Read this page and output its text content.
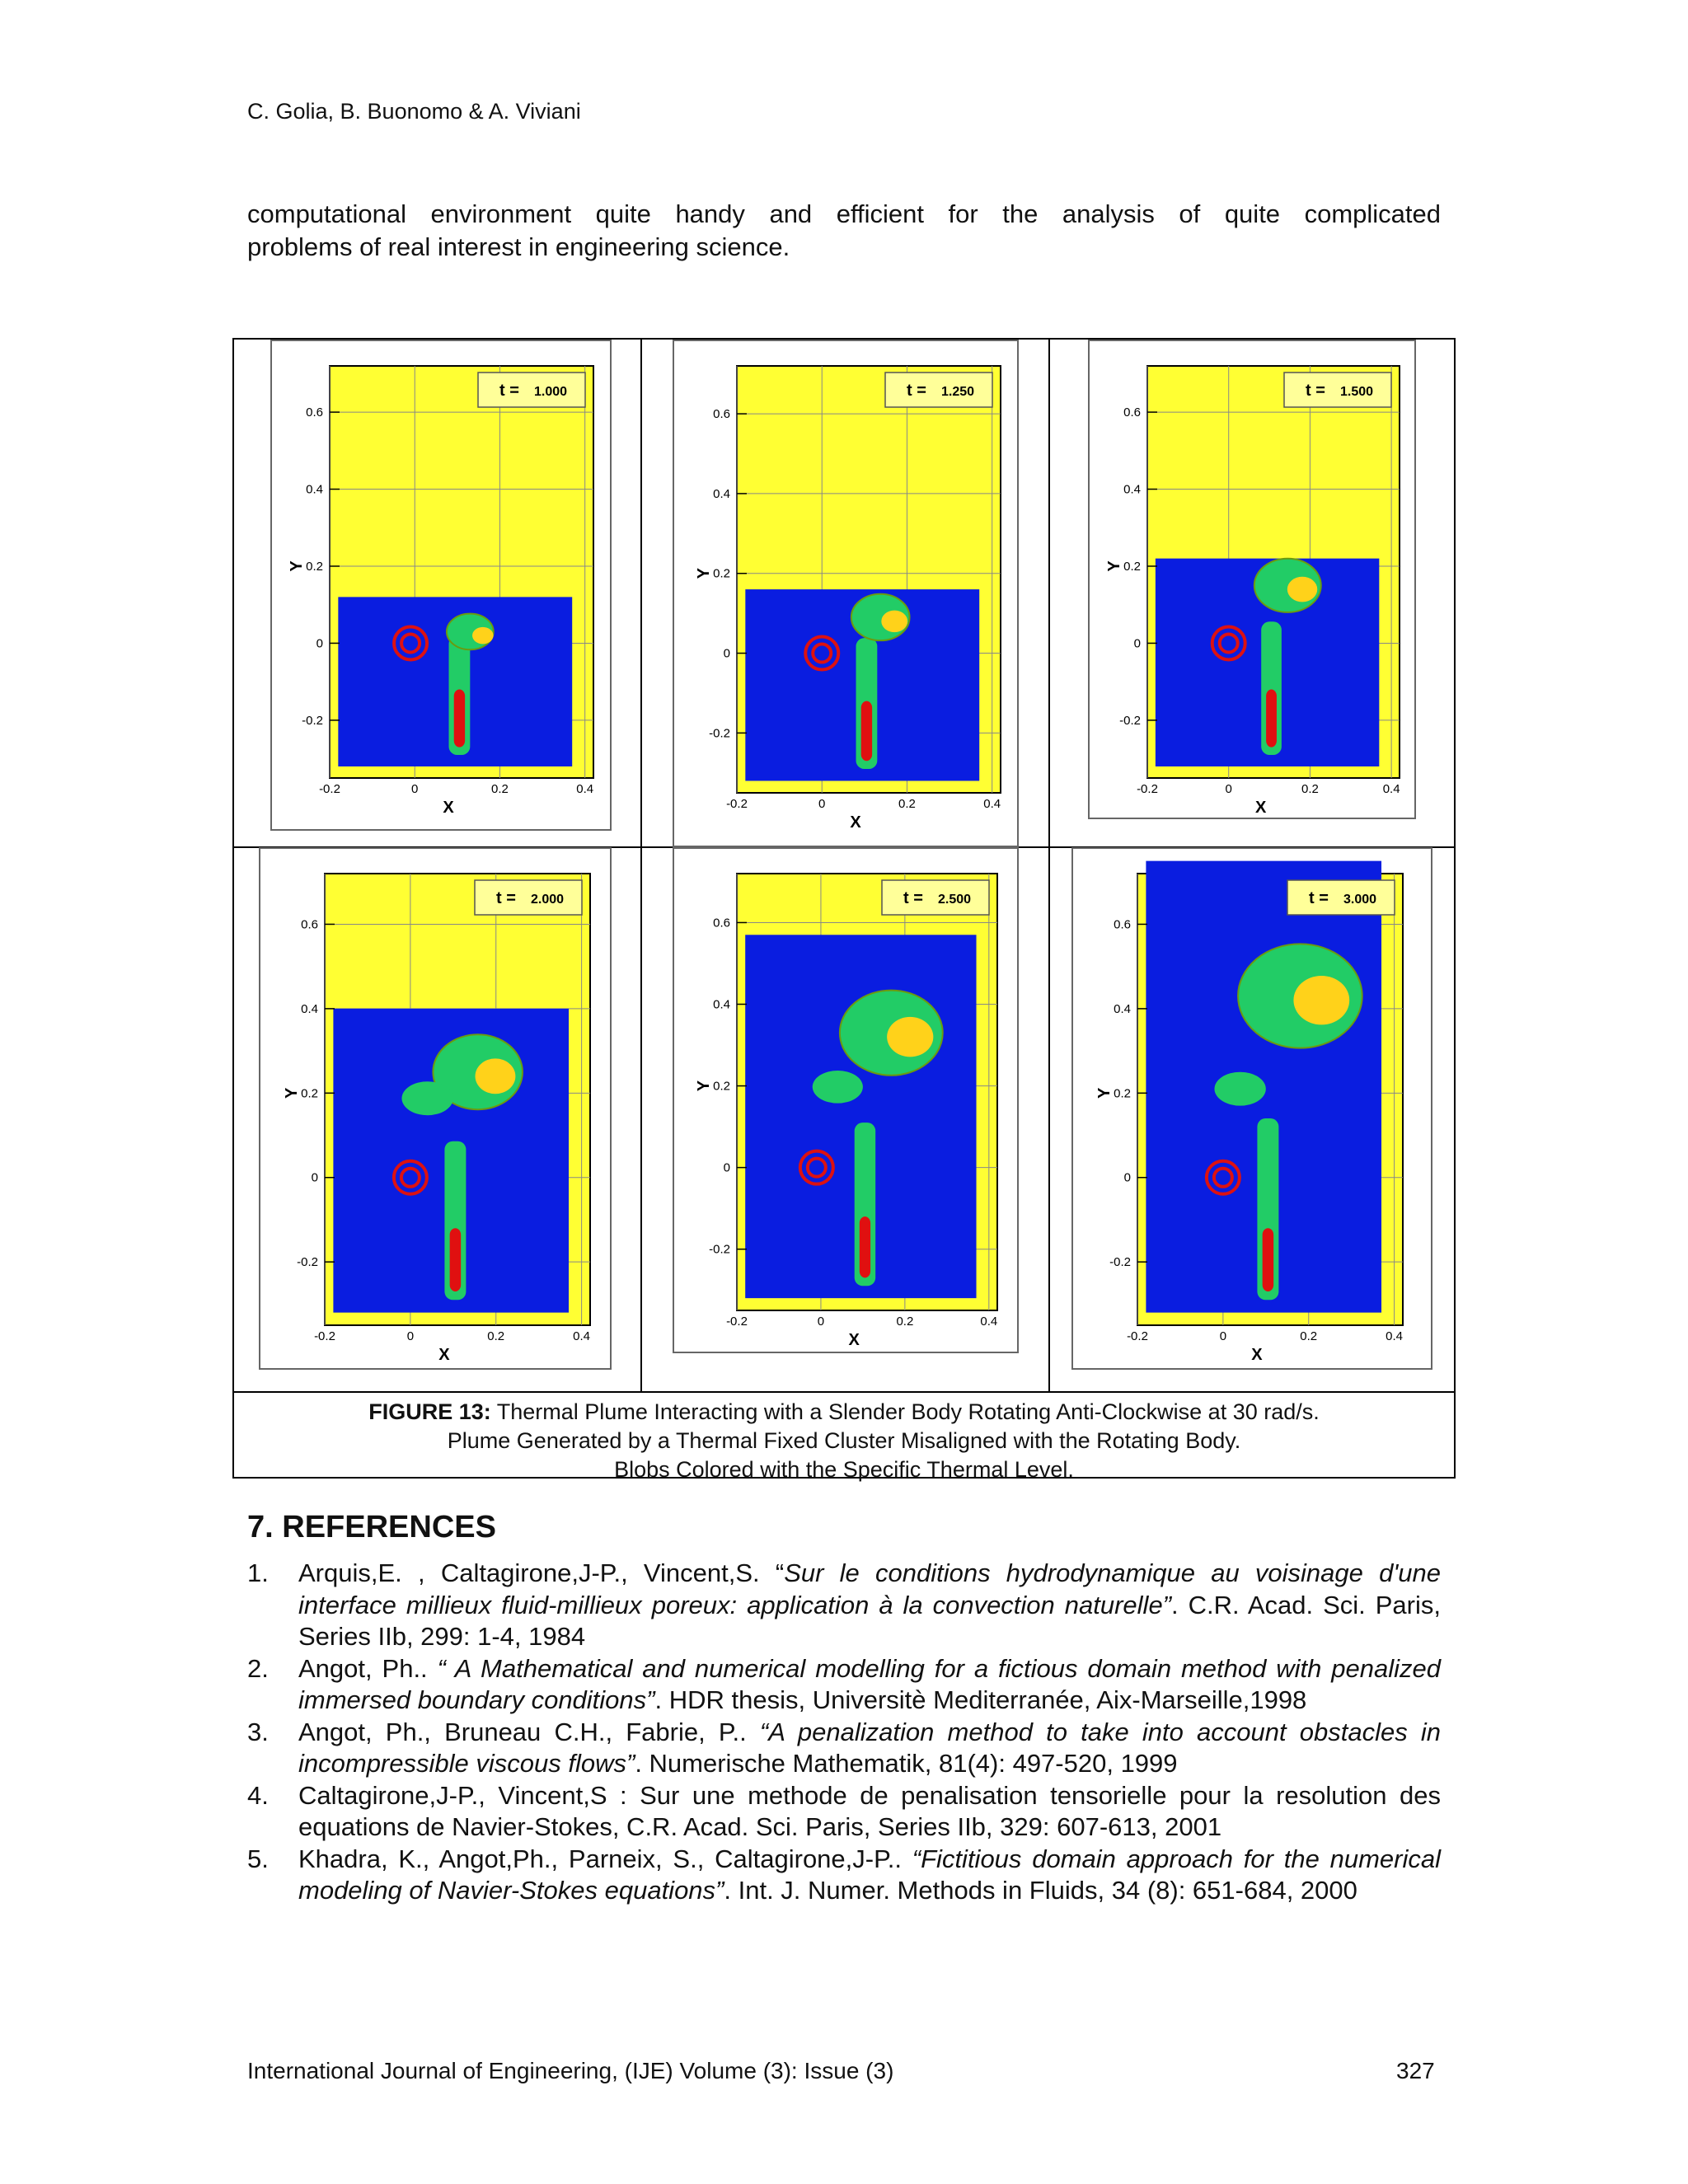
C. Golia, B. Buonomo & A. Viviani
computational environment quite handy and efficient for the analysis of quite complicated
problems of real interest in engineering science.
t = 1.000
0.6
0.4
0.2
0
-0.2
-0.2	0	0.2	0.4
X
Y
t = 1.250
0.6
0.4
0.2
0
-0.2
-0.2	0	0.2	0.4
X
Y
t = 1.500
0.6
0.4
0.2
0
-0.2
-0.2	0	0.2	0.4
X
Y
t = 2.000
0.6
0.4
0.2
0
-0.2
-0.2	0	0.2	0.4
X
Y
t = 2.500
0.6
0.4
0.2
0
-0.2
-0.2	0	0.2	0.4
X
Y
t = 3.000
0.6
0.4
0.2
0
-0.2
-0.2	0	0.2	0.4
X
Y
FIGURE 13: Thermal Plume Interacting with a Slender Body Rotating Anti-Clockwise at 30 rad/s.
Plume Generated by a Thermal Fixed Cluster Misaligned with the Rotating Body.
Blobs Colored with the Specific Thermal Level.
7. REFERENCES
1. Arquis,E. , Caltagirone,J-P., Vincent,S. “Sur le conditions hydrodynamique au voisinage d'une interface millieux fluid-millieux poreux: application à la convection naturelle”. C.R. Acad. Sci. Paris, Series IIb, 299: 1-4, 1984
2. Angot, Ph.. “ A Mathematical and numerical modelling for a fictious domain method with penalized immersed boundary conditions”. HDR thesis, Universitè Mediterranée, Aix-Marseille,1998
3. Angot, Ph., Bruneau C.H., Fabrie, P.. “A penalization method to take into account obstacles in incompressible viscous flows”. Numerische Mathematik, 81(4): 497-520, 1999
4. Caltagirone,J-P., Vincent,S : Sur une methode de penalisation tensorielle pour la resolution des equations de Navier-Stokes, C.R. Acad. Sci. Paris, Series IIb, 329: 607-613, 2001
5. Khadra, K., Angot,Ph., Parneix, S., Caltagirone,J-P.. “Fictitious domain approach for the numerical modeling of Navier-Stokes equations”. Int. J. Numer. Methods in Fluids, 34 (8): 651-684, 2000
International Journal of Engineering, (IJE) Volume (3): Issue (3)	327
